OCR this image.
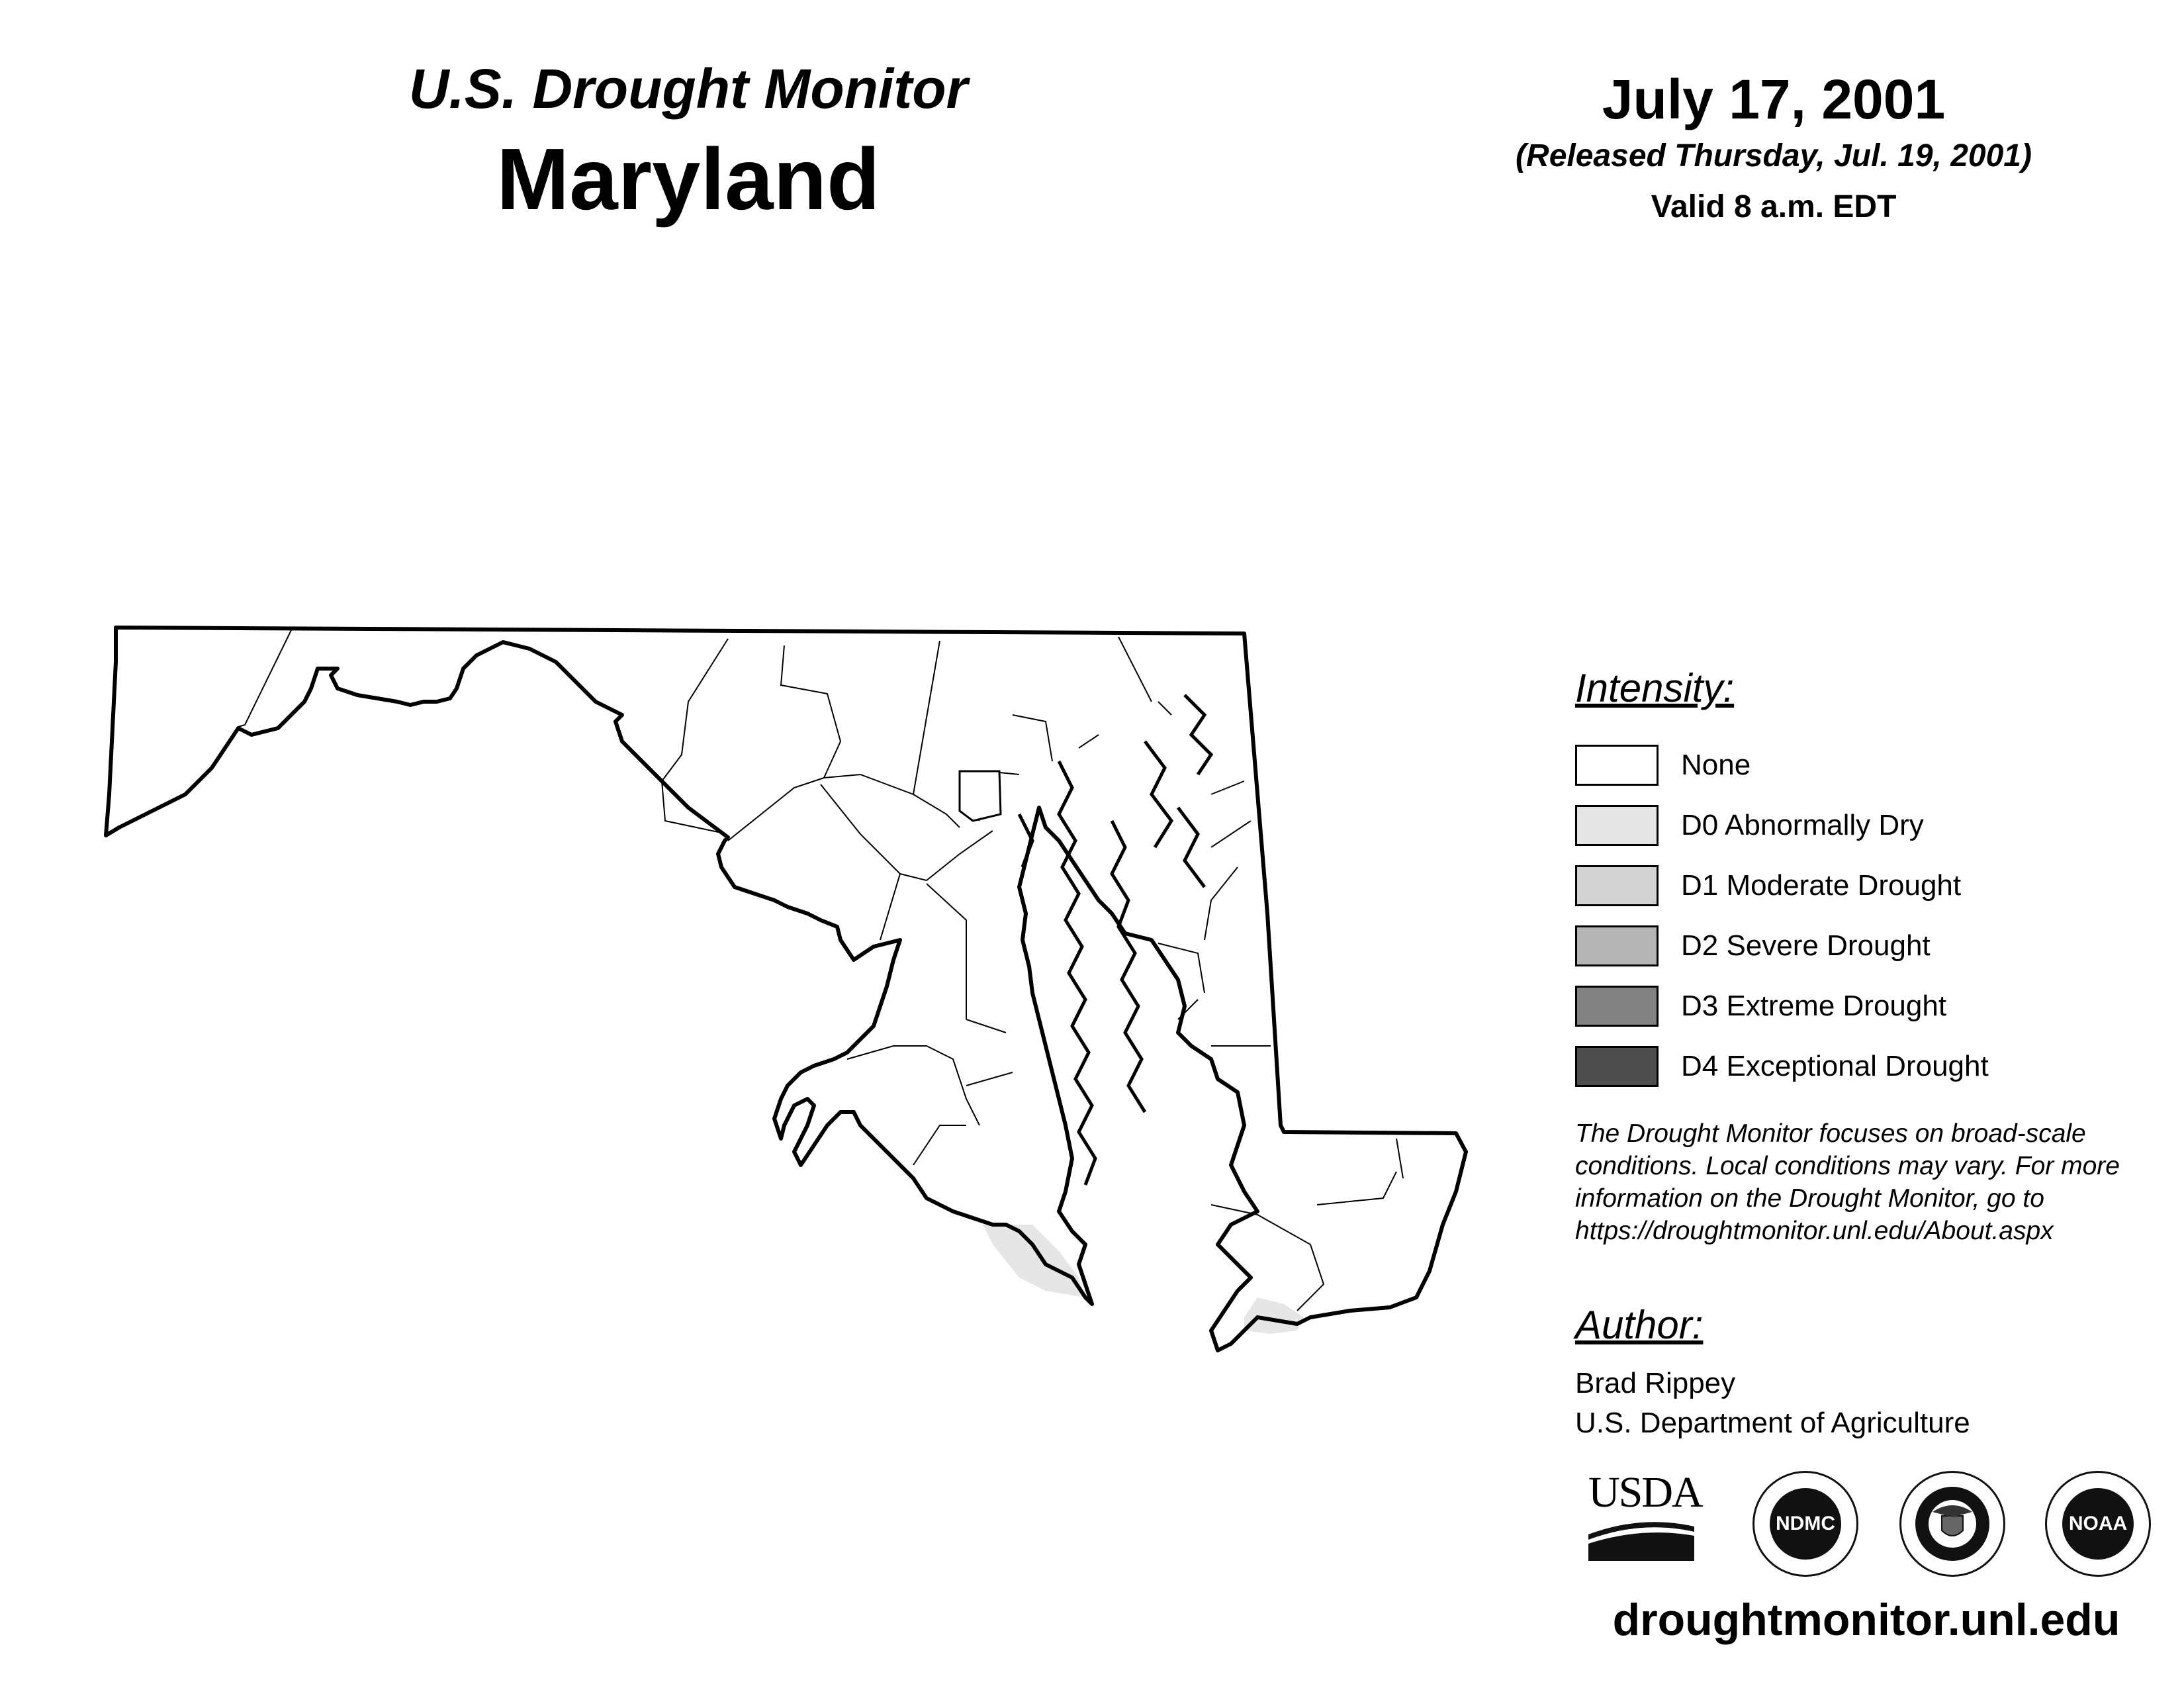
U.S. Drought Monitor
Maryland
July 17, 2001
(Released Thursday, Jul. 19, 2001)
Valid 8 a.m. EDT
Intensity:
None
D0 Abnormally Dry
D1 Moderate Drought
D2 Severe Drought
D3 Extreme Drought
D4 Exceptional Drought
The Drought Monitor focuses on broad-scale conditions. Local conditions may vary. For more information on the Drought Monitor, go to https://droughtmonitor.unl.edu/About.aspx
Author:
Brad Rippey
U.S. Department of Agriculture
USDA
NDMC	NOAA
droughtmonitor.unl.edu
